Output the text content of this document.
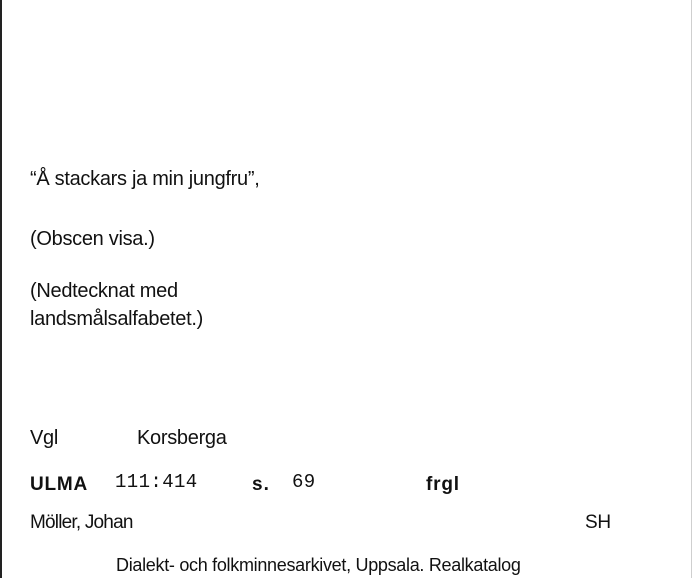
“Å stackars ja min jungfru”,
(Obscen visa.)
(Nedtecknat med
landsmålsalfabetet.)
Vgl	Korsberga
ULMA 111:414	s. 69	frgl
Möller, Johan	SH
Dialekt- och folkminnesarkivet, Uppsala. Realkatalog
